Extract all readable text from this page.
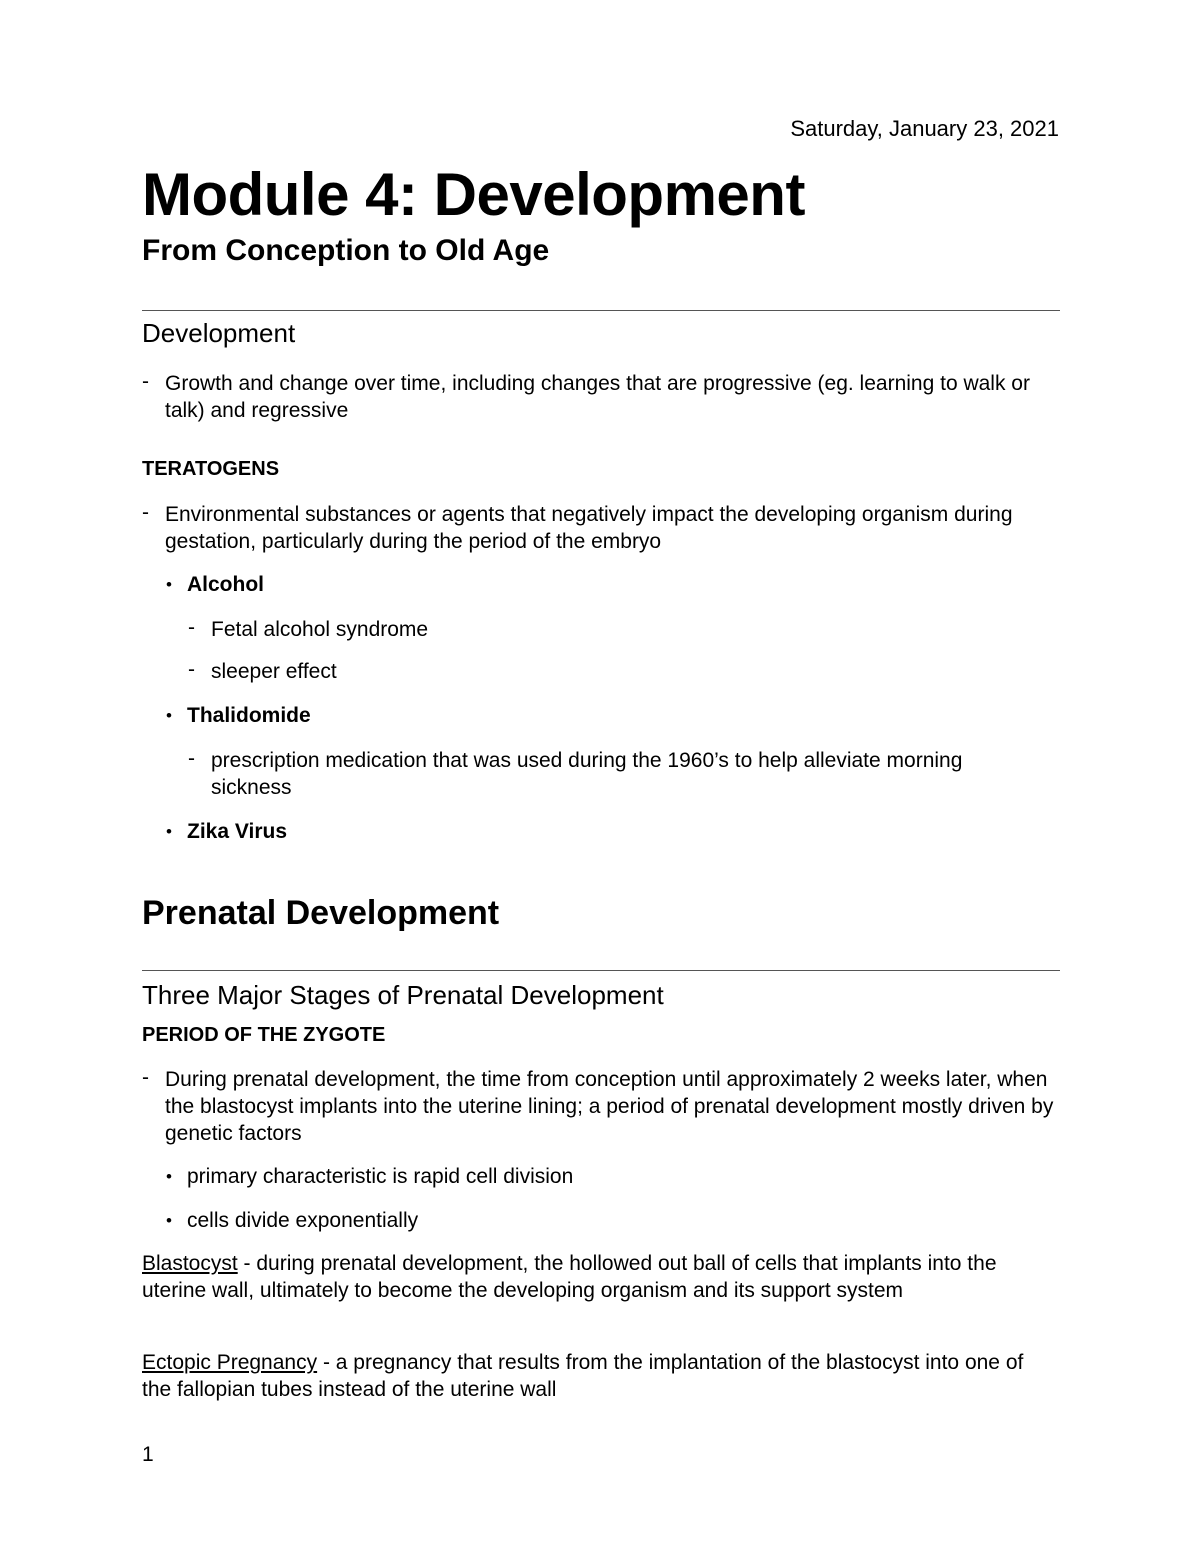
Saturday, January 23, 2021
Module 4: Development
From Conception to Old Age
Development
- Growth and change over time, including changes that are progressive (eg. learning to walk or talk) and regressive
TERATOGENS
- Environmental substances or agents that negatively impact the developing organism during gestation, particularly during the period of the embryo
• Alcohol
- Fetal alcohol syndrome
- sleeper effect
• Thalidomide
- prescription medication that was used during the 1960’s to help alleviate morning sickness
• Zika Virus
Prenatal Development
Three Major Stages of Prenatal Development
PERIOD OF THE ZYGOTE
- During prenatal development, the time from conception until approximately 2 weeks later, when the blastocyst implants into the uterine lining; a period of prenatal development mostly driven by genetic factors
• primary characteristic is rapid cell division
• cells divide exponentially
Blastocyst - during prenatal development, the hollowed out ball of cells that implants into the uterine wall, ultimately to become the developing organism and its support system
Ectopic Pregnancy - a pregnancy that results from the implantation of the blastocyst into one of the fallopian tubes instead of the uterine wall
1
